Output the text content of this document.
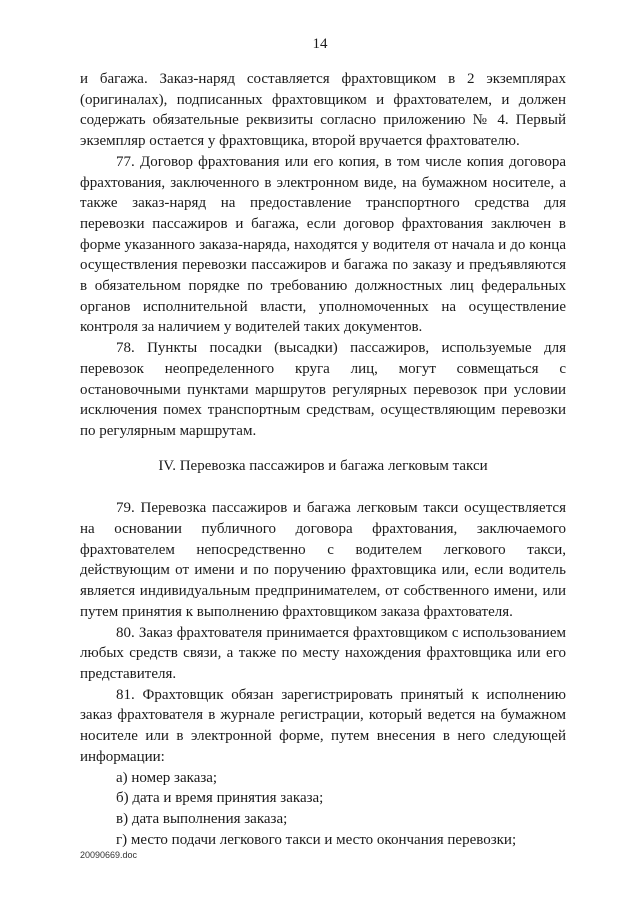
14

и багажа. Заказ-наряд составляется фрахтовщиком в 2 экземплярах (оригиналах), подписанных фрахтовщиком и фрахтователем, и должен содержать обязательные реквизиты согласно приложению № 4. Первый экземпляр остается у фрахтовщика, второй вручается фрахтователю.

77. Договор фрахтования или его копия, в том числе копия договора фрахтования, заключенного в электронном виде, на бумажном носителе, а также заказ-наряд на предоставление транспортного средства для перевозки пассажиров и багажа, если договор фрахтования заключен в форме указанного заказа-наряда, находятся у водителя от начала и до конца осуществления перевозки пассажиров и багажа по заказу и предъявляются в обязательном порядке по требованию должностных лиц федеральных органов исполнительной власти, уполномоченных на осуществление контроля за наличием у водителей таких документов.

78. Пункты посадки (высадки) пассажиров, используемые для перевозок неопределенного круга лиц, могут совмещаться с остановочными пунктами маршрутов регулярных перевозок при условии исключения помех транспортным средствам, осуществляющим перевозки по регулярным маршрутам.

IV. Перевозка пассажиров и багажа легковым такси

79. Перевозка пассажиров и багажа легковым такси осуществляется на основании публичного договора фрахтования, заключаемого фрахтователем непосредственно с водителем легкового такси, действующим от имени и по поручению фрахтовщика или, если водитель является индивидуальным предпринимателем, от собственного имени, или путем принятия к выполнению фрахтовщиком заказа фрахтователя.

80. Заказ фрахтователя принимается фрахтовщиком с использованием любых средств связи, а также по месту нахождения фрахтовщика или его представителя.

81. Фрахтовщик обязан зарегистрировать принятый к исполнению заказ фрахтователя в журнале регистрации, который ведется на бумажном носителе или в электронной форме, путем внесения в него следующей информации:

а) номер заказа;

б) дата и время принятия заказа;

в) дата выполнения заказа;

г) место подачи легкового такси и место окончания перевозки;

20090669.doc
